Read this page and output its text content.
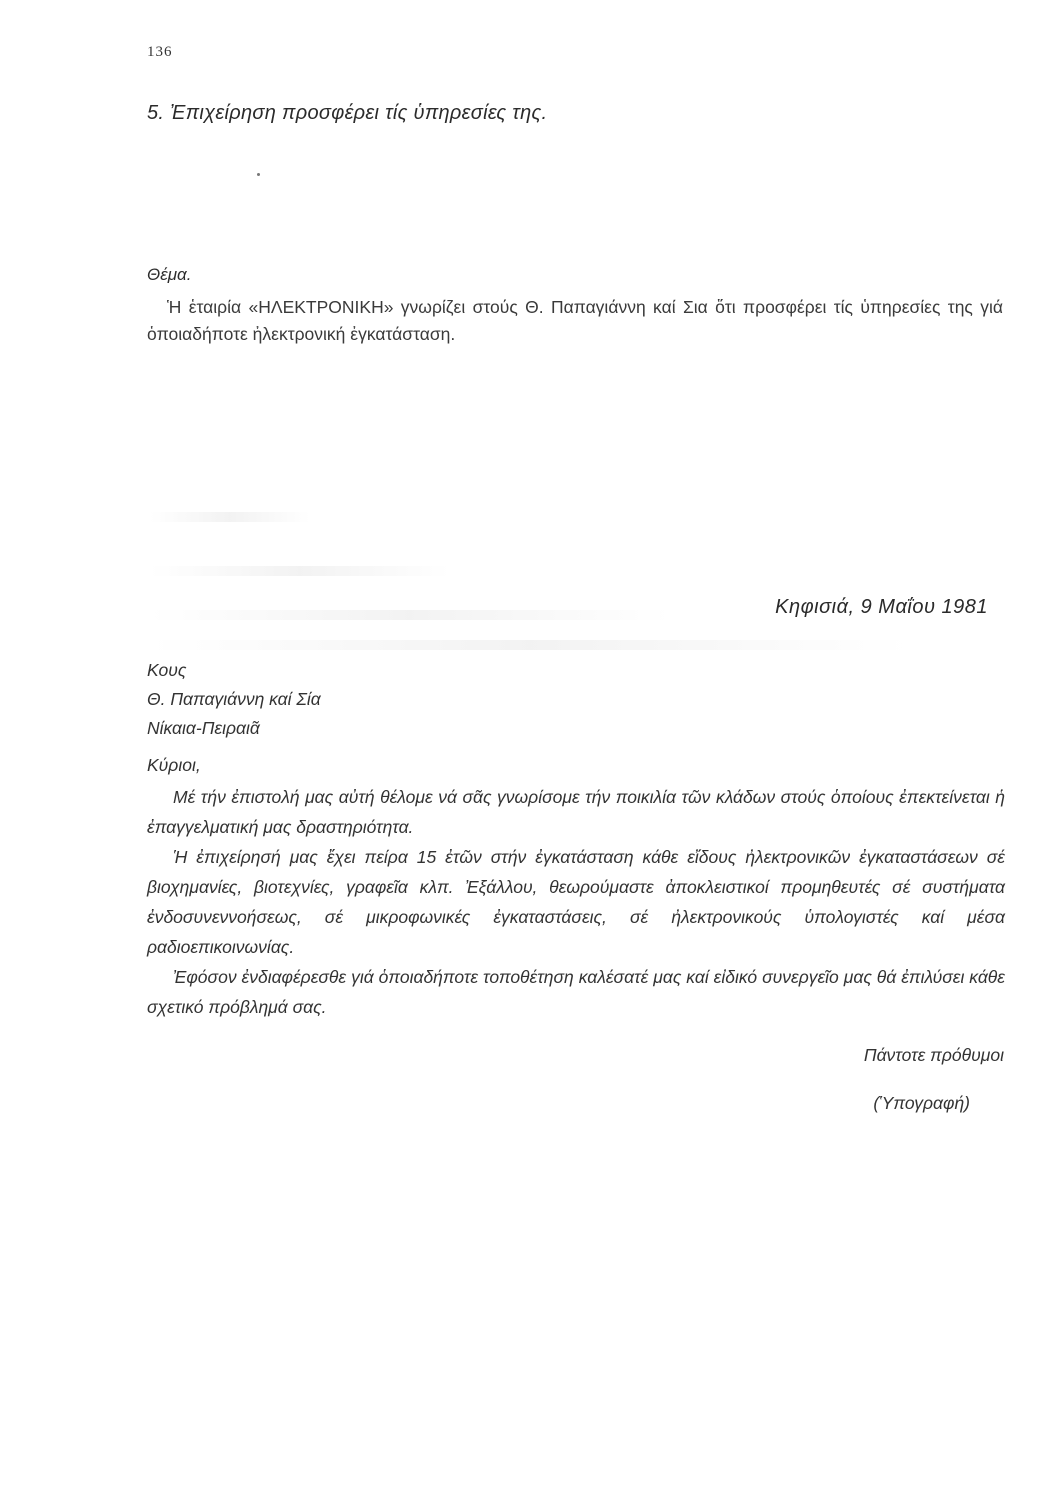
136
5. Ἐπιχείρηση προσφέρει τίς ὑπηρεσίες της.
Θέμα.
Ἡ ἑταιρία «ΗΛΕΚΤΡΟΝΙΚΗ» γνωρίζει στούς Θ. Παπαγιάννη καί Σια ὅτι προσφέρει τίς ὑπηρεσίες της γιά ὁποιαδήποτε ἠλεκτρονική ἐγκατάσταση.
Κηφισιά, 9 Μαΐου 1981
Κους
Θ. Παπαγιάννη καί Σία
Νίκαια-Πειραιᾶ
Κύριοι,

Μέ τήν ἐπιστολή μας αὐτή θέλομε νά σᾶς γνωρίσομε τήν ποικιλία τῶν κλάδων στούς ὁποίους ἐπεκτείνεται ἡ ἐπαγγελματική μας δραστηριότητα.

Ἡ ἐπιχείρησή μας ἔχει πείρα 15 ἐτῶν στήν ἐγκατάσταση κάθε εἴδους ἠλεκτρονικῶν ἐγκαταστάσεων σέ βιοχημανίες, βιοτεχνίες, γραφεῖα κλπ. Ἐξάλλου, θεωρούμαστε ἀποκλειστικοί προμηθευτές σέ συστήματα ἐνδοσυνεννοήσεως, σέ μικροφωνικές ἐγκαταστάσεις, σέ ἠλεκτρονικούς ὑπολογιστές καί μέσα ραδιοεπικοινωνίας.

Ἐφόσον ἐνδιαφέρεσθε γιά ὁποιαδήποτε τοποθέτηση καλέσατέ μας καί εἰδικό συνεργεῖο μας θά ἐπιλύσει κάθε σχετικό πρόβλημά σας.

Πάντοτε πρόθυμοι
(Ὑπογραφή)
